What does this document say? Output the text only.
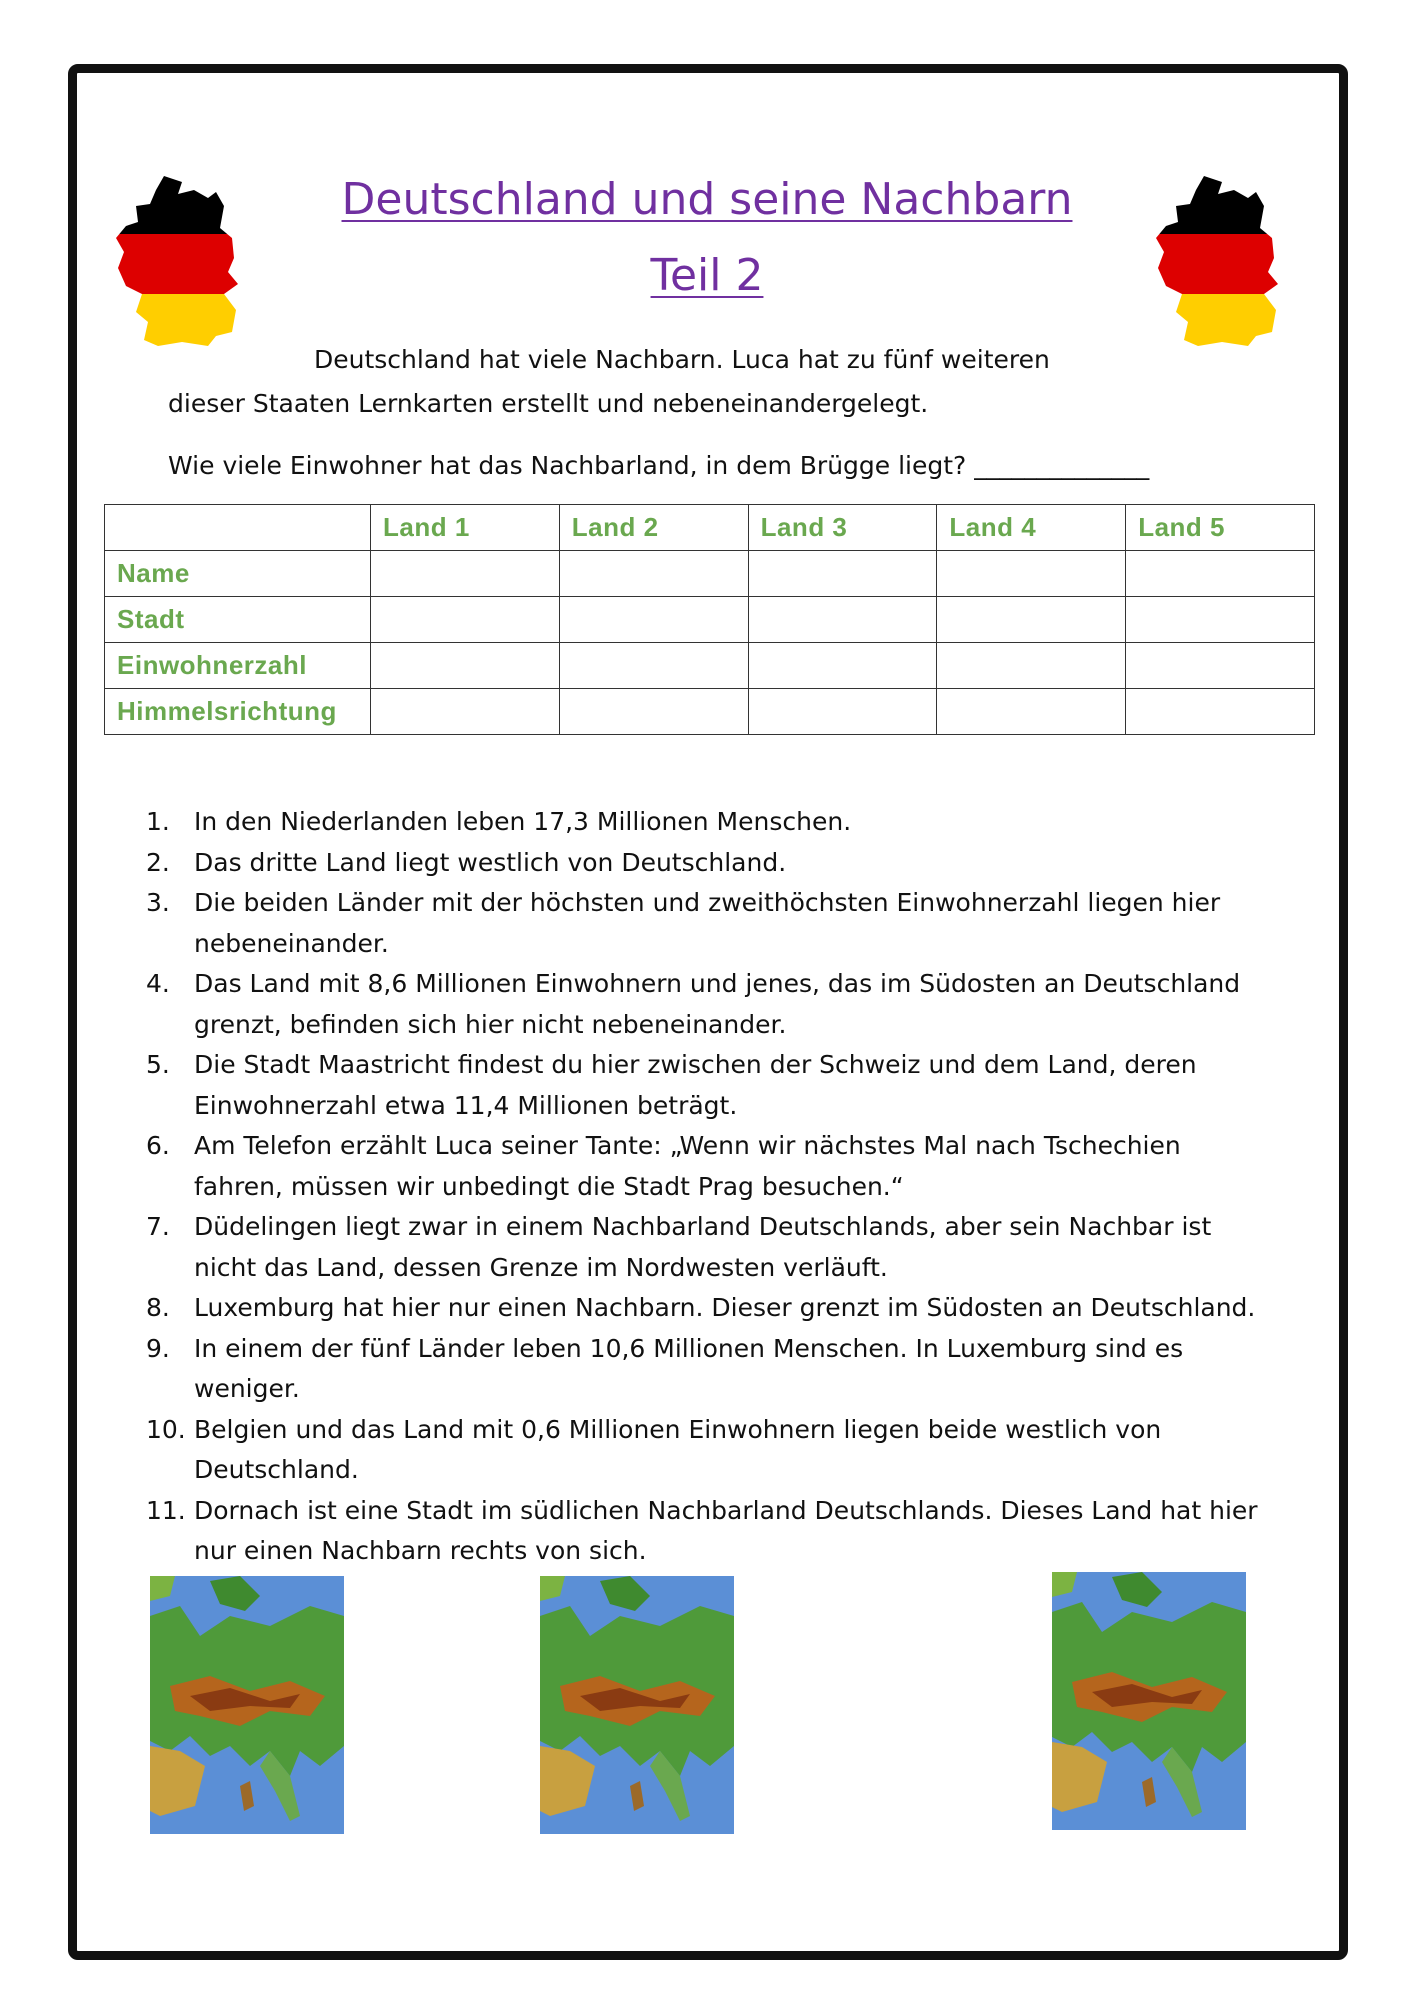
Deutschland und seine Nachbarn
Teil 2

Deutschland hat viele Nachbarn. Luca hat zu fünf weiteren dieser Staaten Lernkarten erstellt und nebeneinandergelegt.

Wie viele Einwohner hat das Nachbarland, in dem Brügge liegt? ______________

	Land 1	Land 2	Land 3	Land 4	Land 5
Name					
Stadt					
Einwohnerzahl					
Himmelsrichtung					
1. In den Niederlanden leben 17,3 Millionen Menschen.
2. Das dritte Land liegt westlich von Deutschland.
3. Die beiden Länder mit der höchsten und zweithöchsten Einwohnerzahl liegen hier nebeneinander.
4. Das Land mit 8,6 Millionen Einwohnern und jenes, das im Südosten an Deutschland grenzt, befinden sich hier nicht nebeneinander.
5. Die Stadt Maastricht findest du hier zwischen der Schweiz und dem Land, deren Einwohnerzahl etwa 11,4 Millionen beträgt.
6. Am Telefon erzählt Luca seiner Tante: „Wenn wir nächstes Mal nach Tschechien fahren, müssen wir unbedingt die Stadt Prag besuchen.“
7. Düdelingen liegt zwar in einem Nachbarland Deutschlands, aber sein Nachbar ist nicht das Land, dessen Grenze im Nordwesten verläuft.
8. Luxemburg hat hier nur einen Nachbarn. Dieser grenzt im Südosten an Deutschland.
9. In einem der fünf Länder leben 10,6 Millionen Menschen. In Luxemburg sind es weniger.
10. Belgien und das Land mit 0,6 Millionen Einwohnern liegen beide westlich von Deutschland.
11. Dornach ist eine Stadt im südlichen Nachbarland Deutschlands. Dieses Land hat hier nur einen Nachbarn rechts von sich.
